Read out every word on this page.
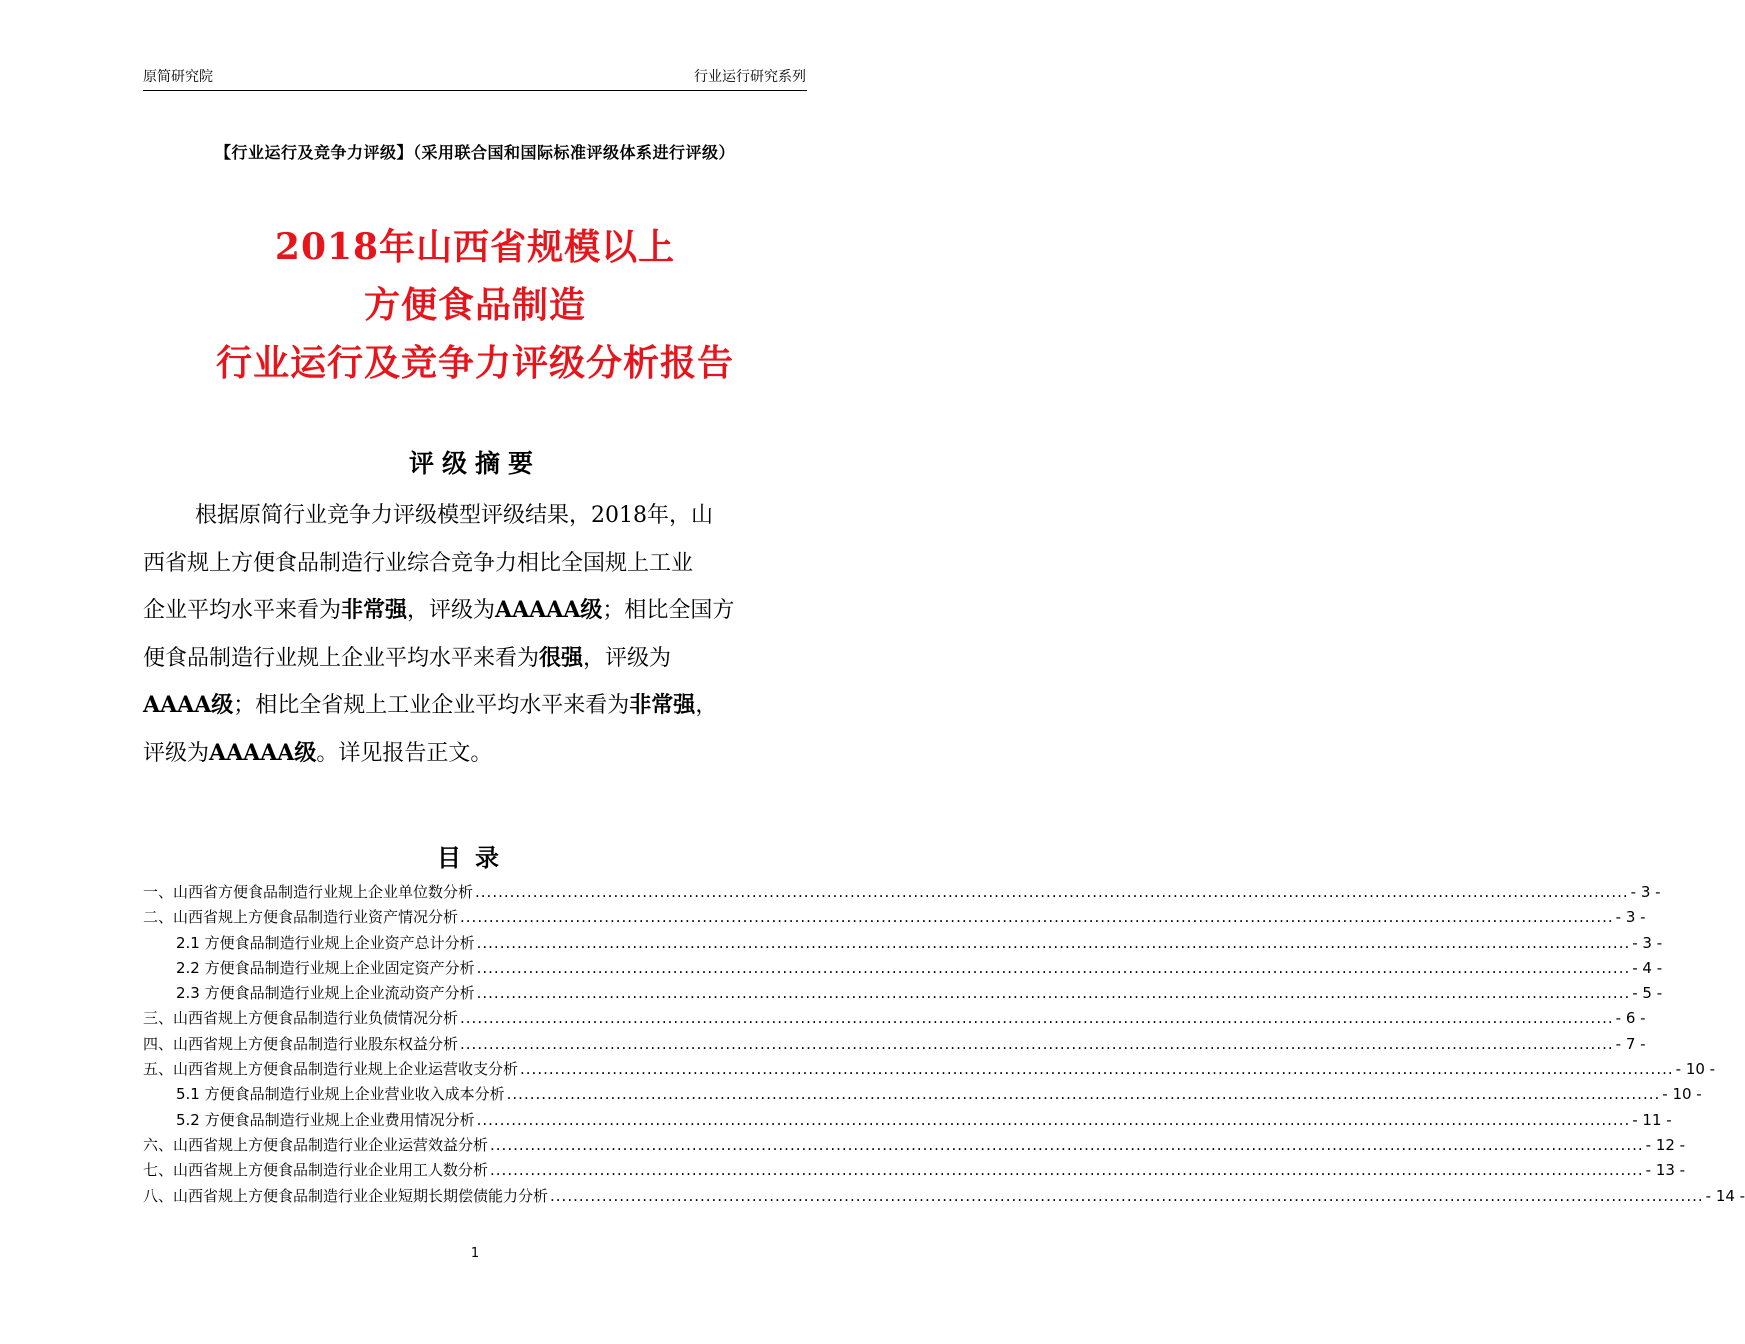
原简研究院	行业运行研究系列
【行业运行及竞争力评级】（采用联合国和国际标准评级体系进行评级）
2018年山西省规模以上
方便食品制造
行业运行及竞争力评级分析报告
评级摘要
根据原简行业竞争力评级模型评级结果，2018年，山
西省规上方便食品制造行业综合竞争力相比全国规上工业
企业平均水平来看为非常强，评级为AAAAA级；相比全国方
便食品制造行业规上企业平均水平来看为很强，评级为
AAAA级；相比全省规上工业企业平均水平来看为非常强，
评级为AAAAA级。详见报告正文。
目录
一、山西省方便食品制造行业规上企业单位数分析 ........................................................................................................................................................................................................ - 3 -
二、山西省规上方便食品制造行业资产情况分析 ........................................................................................................................................................................................................ - 3 -
2.1 方便食品制造行业规上企业资产总计分析 ........................................................................................................................................................................................................ - 3 -
2.2 方便食品制造行业规上企业固定资产分析 ........................................................................................................................................................................................................ - 4 -
2.3 方便食品制造行业规上企业流动资产分析 ........................................................................................................................................................................................................ - 5 -
三、山西省规上方便食品制造行业负债情况分析 ........................................................................................................................................................................................................ - 6 -
四、山西省规上方便食品制造行业股东权益分析 ........................................................................................................................................................................................................ - 7 -
五、山西省规上方便食品制造行业规上企业运营收支分析 ........................................................................................................................................................................................................ - 10 -
5.1 方便食品制造行业规上企业营业收入成本分析 ........................................................................................................................................................................................................ - 10 -
5.2 方便食品制造行业规上企业费用情况分析 ........................................................................................................................................................................................................ - 11 -
六、山西省规上方便食品制造行业企业运营效益分析 ........................................................................................................................................................................................................ - 12 -
七、山西省规上方便食品制造行业企业用工人数分析 ........................................................................................................................................................................................................ - 13 -
八、山西省规上方便食品制造行业企业短期长期偿债能力分析 ........................................................................................................................................................................................................ - 14 -
1
